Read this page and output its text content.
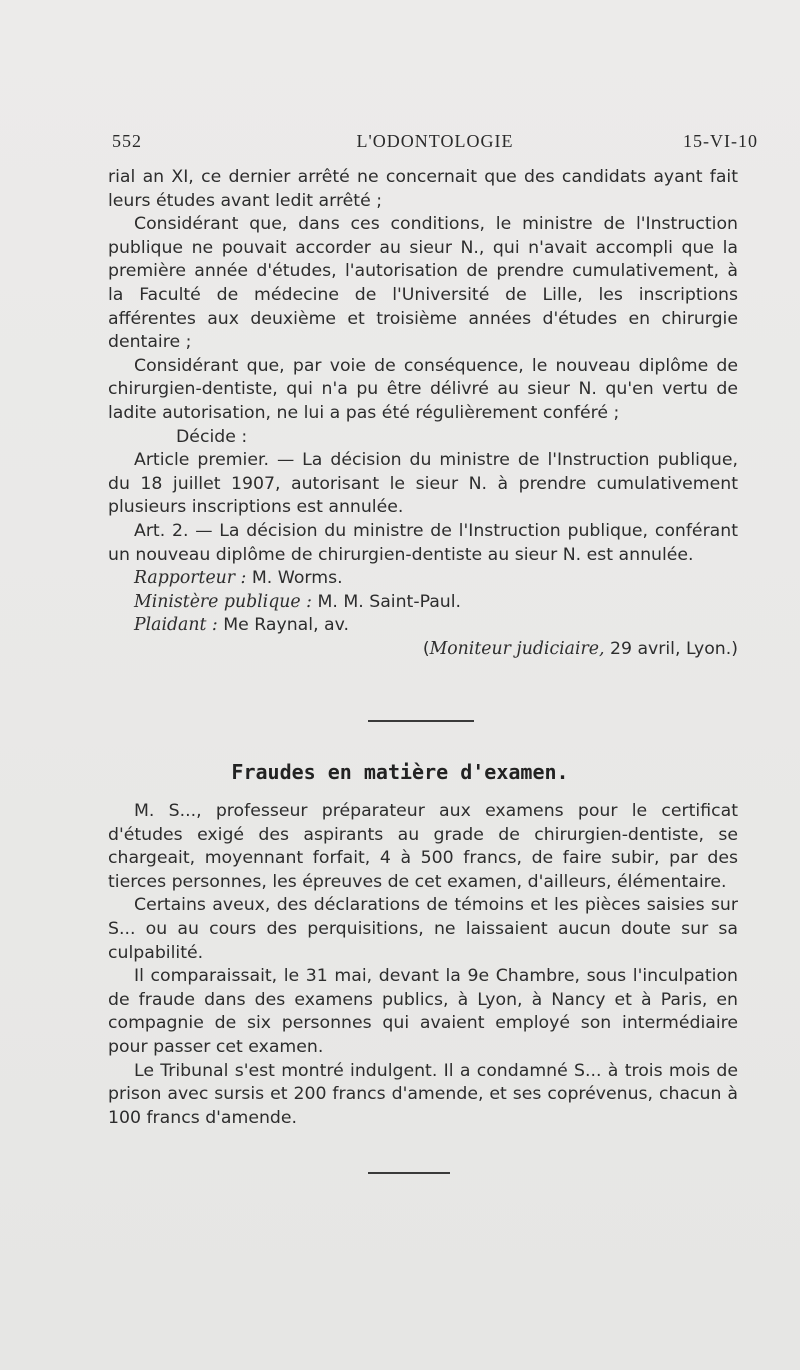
552	L'ODONTOLOGIE	15-VI-10

rial an XI, ce dernier arrêté ne concernait que des candidats ayant fait leurs études avant ledit arrêté ;

Considérant que, dans ces conditions, le ministre de l'Instruction publique ne pouvait accorder au sieur N., qui n'avait accompli que la première année d'études, l'autorisation de prendre cumulativement, à la Faculté de médecine de l'Université de Lille, les inscriptions afférentes aux deuxième et troisième années d'études en chirurgie dentaire ;

Considérant que, par voie de conséquence, le nouveau diplôme de chirurgien-dentiste, qui n'a pu être délivré au sieur N. qu'en vertu de ladite autorisation, ne lui a pas été régulièrement conféré ;

Décide :

Article premier. — La décision du ministre de l'Instruction publique, du 18 juillet 1907, autorisant le sieur N. à prendre cumulativement plusieurs inscriptions est annulée.

Art. 2. — La décision du ministre de l'Instruction publique, conférant un nouveau diplôme de chirurgien-dentiste au sieur N. est annulée.

Rapporteur : M. Worms.

Ministère publique : M. M. Saint-Paul.

Plaidant : Me Raynal, av.

(Moniteur judiciaire, 29 avril, Lyon.)

Fraudes en matière d'examen.

M. S..., professeur préparateur aux examens pour le certificat d'études exigé des aspirants au grade de chirurgien-dentiste, se chargeait, moyennant forfait, 4 à 500 francs, de faire subir, par des tierces personnes, les épreuves de cet examen, d'ailleurs, élémentaire.

Certains aveux, des déclarations de témoins et les pièces saisies sur S... ou au cours des perquisitions, ne laissaient aucun doute sur sa culpabilité.

Il comparaissait, le 31 mai, devant la 9e Chambre, sous l'inculpation de fraude dans des examens publics, à Lyon, à Nancy et à Paris, en compagnie de six personnes qui avaient employé son intermédiaire pour passer cet examen.

Le Tribunal s'est montré indulgent. Il a condamné S... à trois mois de prison avec sursis et 200 francs d'amende, et ses coprévenus, chacun à 100 francs d'amende.
